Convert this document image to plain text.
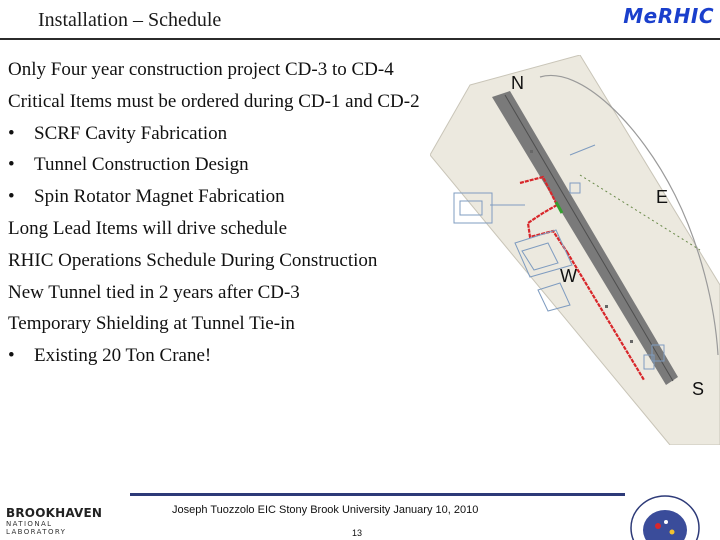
Installation – Schedule	MeRHIC
Only Four year construction project CD-3 to CD-4
Critical Items must be ordered during CD-1 and CD-2
• SCRF Cavity Fabrication
• Tunnel Construction Design
• Spin Rotator Magnet Fabrication
Long Lead Items will drive schedule
RHIC Operations Schedule During Construction
New Tunnel tied in 2 years after CD-3
Temporary Shielding at Tunnel Tie-in
• Existing 20 Ton Crane!
N
E
W
S
BROOKHAVEN
NATIONAL LABORATORY
Joseph Tuozzolo EIC Stony Brook University January 10, 2010
13
